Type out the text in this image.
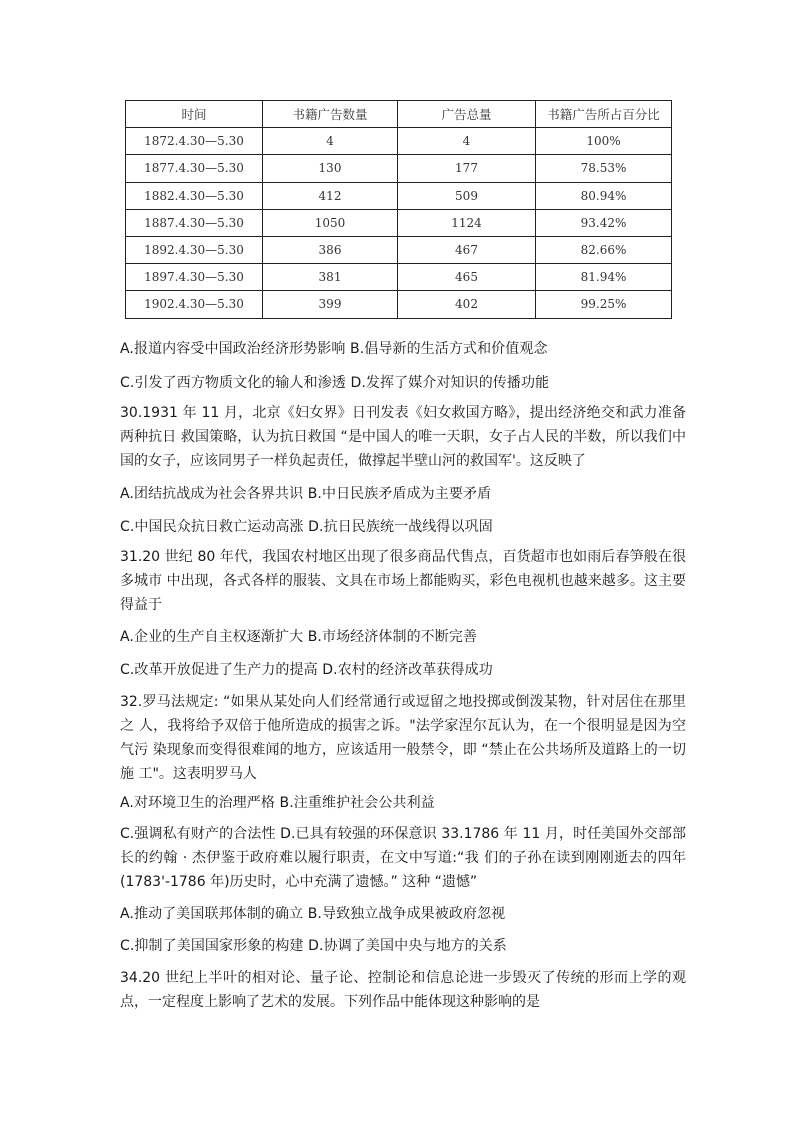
时间	书籍广告数量	广告总量	书籍广告所占百分比
1872.4.30—5.30	4	4	100%
1877.4.30—5.30	130	177	78.53%
1882.4.30—5.30	412	509	80.94%
1887.4.30—5.30	1050	1124	93.42%
1892.4.30—5.30	386	467	82.66%
1897.4.30—5.30	381	465	81.94%
1902.4.30—5.30	399	402	99.25%
A.报道内容受中国政治经济形势影响 B.倡导新的生活方式和价值观念
C.引发了西方物质文化的输人和渗透 D.发挥了媒介对知识的传播功能
30.1931 年 11 月，北京《妇女界》日刊发表《妇女救国方略》，提出经济绝交和武力准备两种抗日 救国策略，认为抗日救国 “是中国人的唯一天职，女子占人民的半数，所以我们中国的女子，应该同男子一样负起责任，做撑起半壁山河的救国军'。这反映了
A.团结抗战成为社会各界共识 B.中日民族矛盾成为主要矛盾
C.中国民众抗日救亡运动高涨 D.抗日民族统一战线得以巩固
31.20 世纪 80 年代，我国农村地区出现了很多商品代售点，百货超市也如雨后春笋般在很多城市 中出现，各式各样的服装、文具在市场上都能购买，彩色电视机也越来越多。这主要得益于
A.企业的生产自主权逐渐扩大 B.市场经济体制的不断完善
C.改革开放促进了生产力的提高 D.农村的经济改革获得成功
32.罗马法规定: “如果从某处向人们经常通行或逗留之地投掷或倒泼某物，针对居住在那里之 人，我将给予双倍于他所造成的损害之诉。"法学家涅尔瓦认为，在一个很明显是因为空气污 染现象而变得很难闻的地方，应该适用一般禁令，即 “禁止在公共场所及道路上的一切施 工"。这表明罗马人
A.对环境卫生的治理严格 B.注重维护社会公共利益
C.强调私有财产的合法性 D.已具有较强的环保意识 33.1786 年 11 月，时任美国外交部部长的约翰 · 杰伊鉴于政府难以履行职责，在文中写道:“我 们的子孙在读到刚刚逝去的四年(1783'-1786 年)历史时，心中充满了遗憾。” 这种 “遗憾”
A.推动了美国联邦体制的确立 B.导致独立战争成果被政府忽视
C.抑制了美国国家形象的构建 D.协调了美国中央与地方的关系
34.20 世纪上半叶的相对论、量子论、控制论和信息论进一步毁灭了传统的形而上学的观点，一定程度上影响了艺术的发展。下列作品中能体现这种影响的是
